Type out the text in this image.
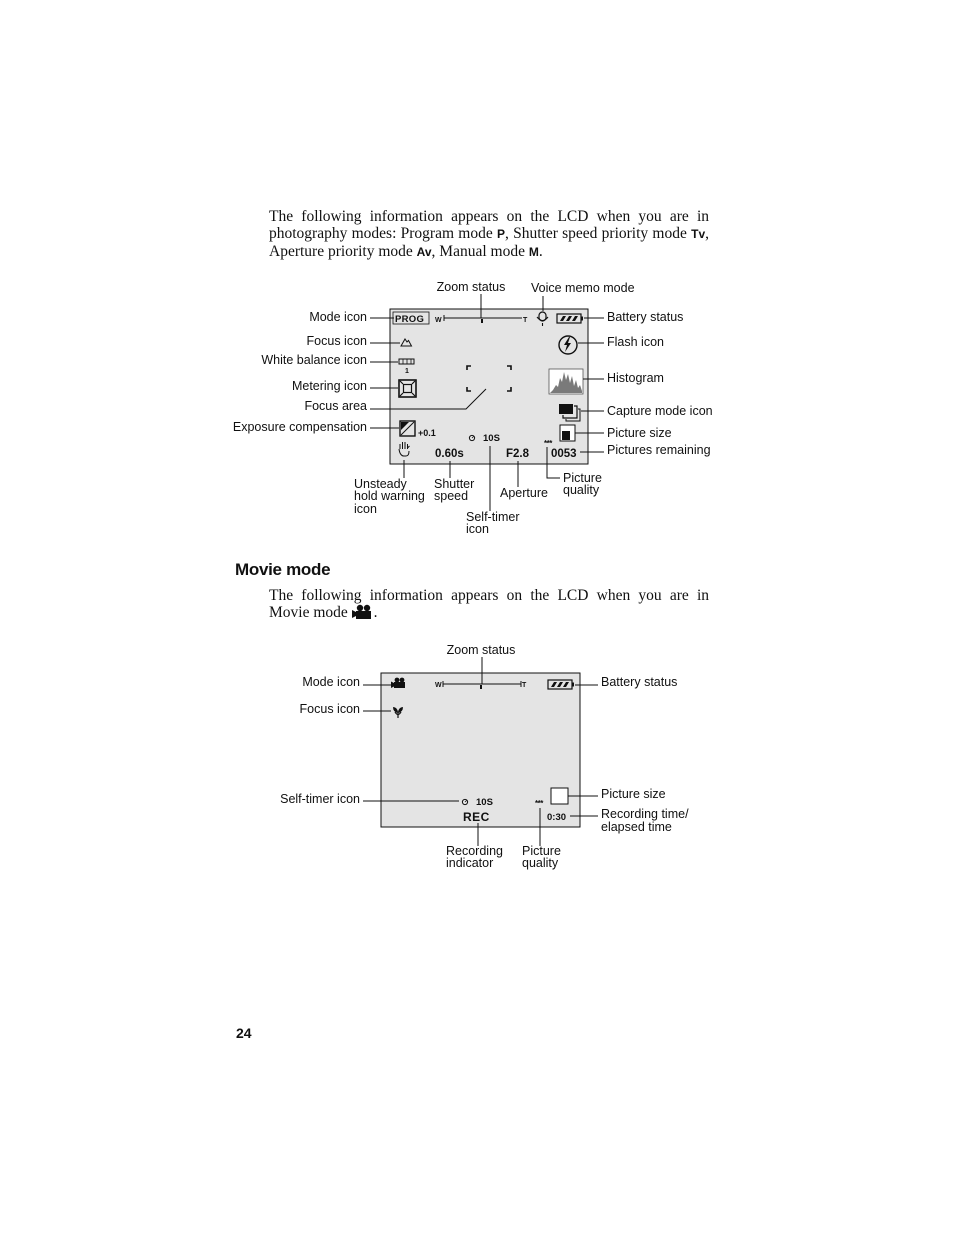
The following information appears on the LCD when you are in photography modes: Program mode P, Shutter speed priority mode Tv, Aperture priority mode Av, Manual mode M.

PROG W	T
1
+0.1	10S	***
0.60s	F2.8 0053
Mode icon
Focus icon
White balance icon
Metering icon
Focus area
Exposure compensation
Zoom status Voice memo mode
Battery status
Flash icon
Histogram
Capture mode icon
Picture size
Pictures remaining
Unsteady
hold warning
icon
Shutter
speed	Aperture
Picture
quality
Self-timer
icon
Movie mode

The following information appears on the LCD when you are in Movie mode .

W	T
10S	***
REC	0:30
Zoom status
Mode icon
Focus icon
Self-timer icon
Battery status
Picture size
Recording time/
elapsed time
Recording
indicator
Picture
quality
24
